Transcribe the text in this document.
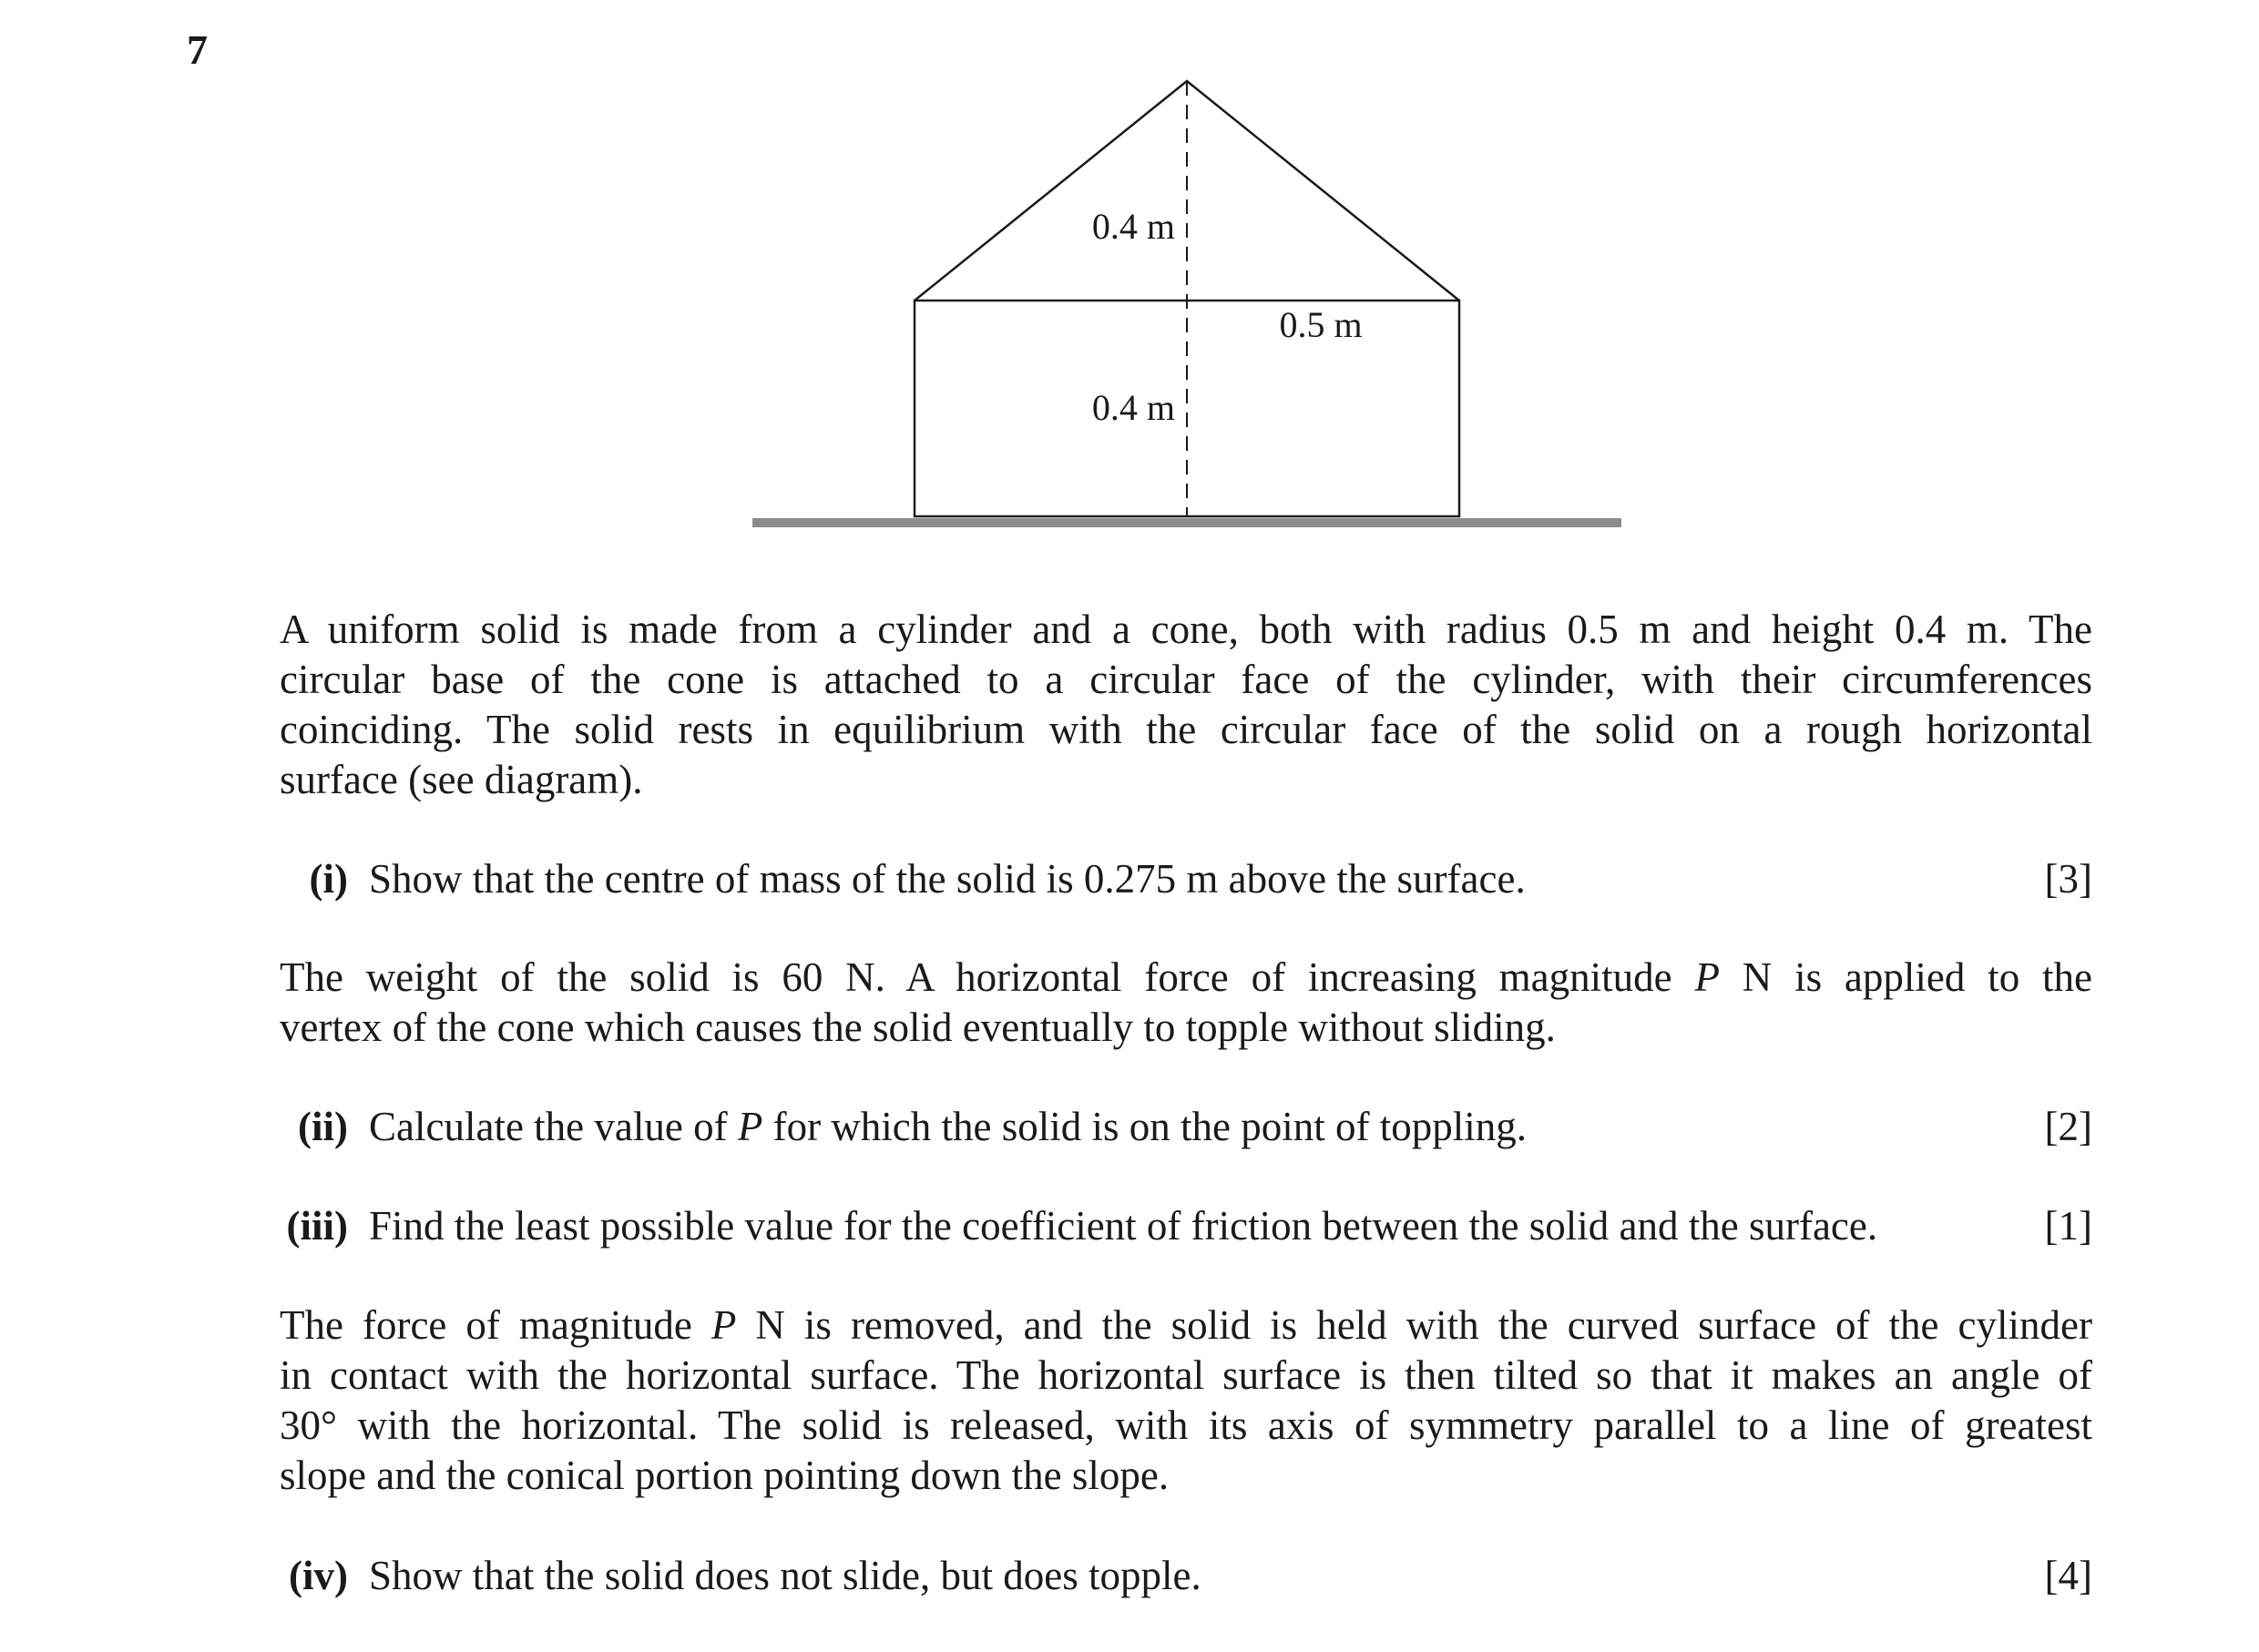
7
0.4 m
0.5 m
0.4 m
A uniform solid is made from a cylinder and a cone, both with radius 0.5 m and height 0.4 m. The
circular base of the cone is attached to a circular face of the cylinder, with their circumferences
coinciding. The solid rests in equilibrium with the circular face of the solid on a rough horizontal
surface (see diagram).
(i) Show that the centre of mass of the solid is 0.275 m above the surface.	[3]
The weight of the solid is 60 N. A horizontal force of increasing magnitude P N is applied to the
vertex of the cone which causes the solid eventually to topple without sliding.
(ii) Calculate the value of P for which the solid is on the point of toppling.	[2]
(iii) Find the least possible value for the coefficient of friction between the solid and the surface.	[1]
The force of magnitude P N is removed, and the solid is held with the curved surface of the cylinder
in contact with the horizontal surface. The horizontal surface is then tilted so that it makes an angle of
30° with the horizontal. The solid is released, with its axis of symmetry parallel to a line of greatest
slope and the conical portion pointing down the slope.
(iv) Show that the solid does not slide, but does topple.	[4]
